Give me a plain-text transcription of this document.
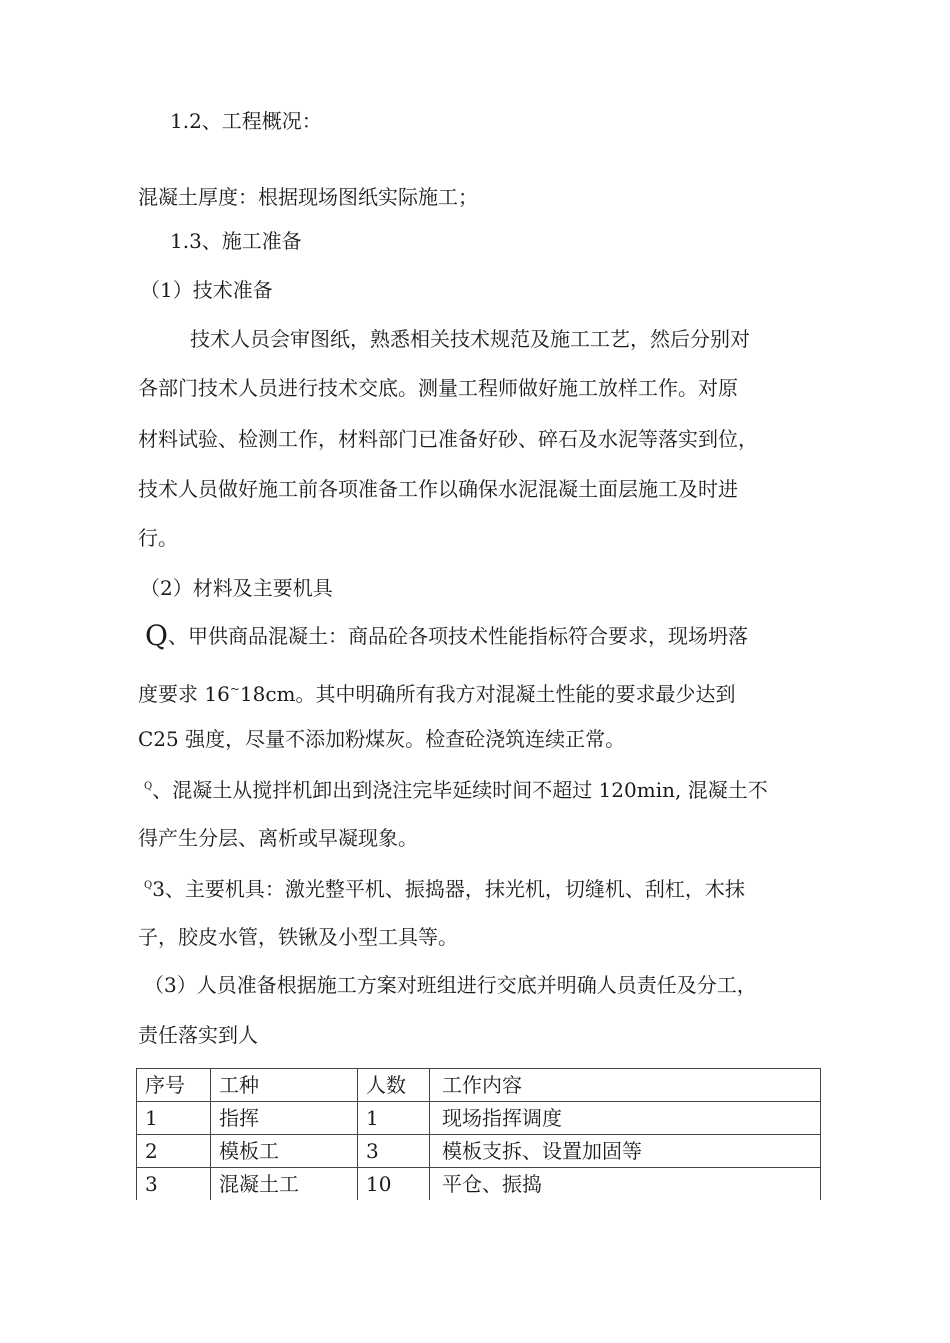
1.2、工程概况：
混凝土厚度：根据现场图纸实际施工；
1.3、施工准备
（1）技术准备
技术人员会审图纸，熟悉相关技术规范及施工工艺，然后分别对
各部门技术人员进行技术交底。测量工程师做好施工放样工作。对原
材料试验、检测工作，材料部门已准备好砂、碎石及水泥等落实到位，
技术人员做好施工前各项准备工作以确保水泥混凝土面层施工及时进
行。
（2）材料及主要机具
Q、甲供商品混凝土：商品砼各项技术性能指标符合要求，现场坍落
度要求 16~18cm。其中明确所有我方对混凝土性能的要求最少达到
C25 强度，尽量不添加粉煤灰。检查砼浇筑连续正常。
$^Q$、混凝土从搅拌机卸出到浇注完毕延续时间不超过 120min, 混凝土不
得产生分层、离析或早凝现象。
$^Q$3、主要机具：激光整平机、振捣器，抹光机，切缝机、刮杠，木抹
子，胶皮水管，铁锹及小型工具等。
（3）人员准备根据施工方案对班组进行交底并明确人员责任及分工，
责任落实到人
序号	工种	人数	工作内容
1	指挥	1	现场指挥调度
2	模板工	3	模板支拆、设置加固等
3	混凝土工	10	平仓、振捣
